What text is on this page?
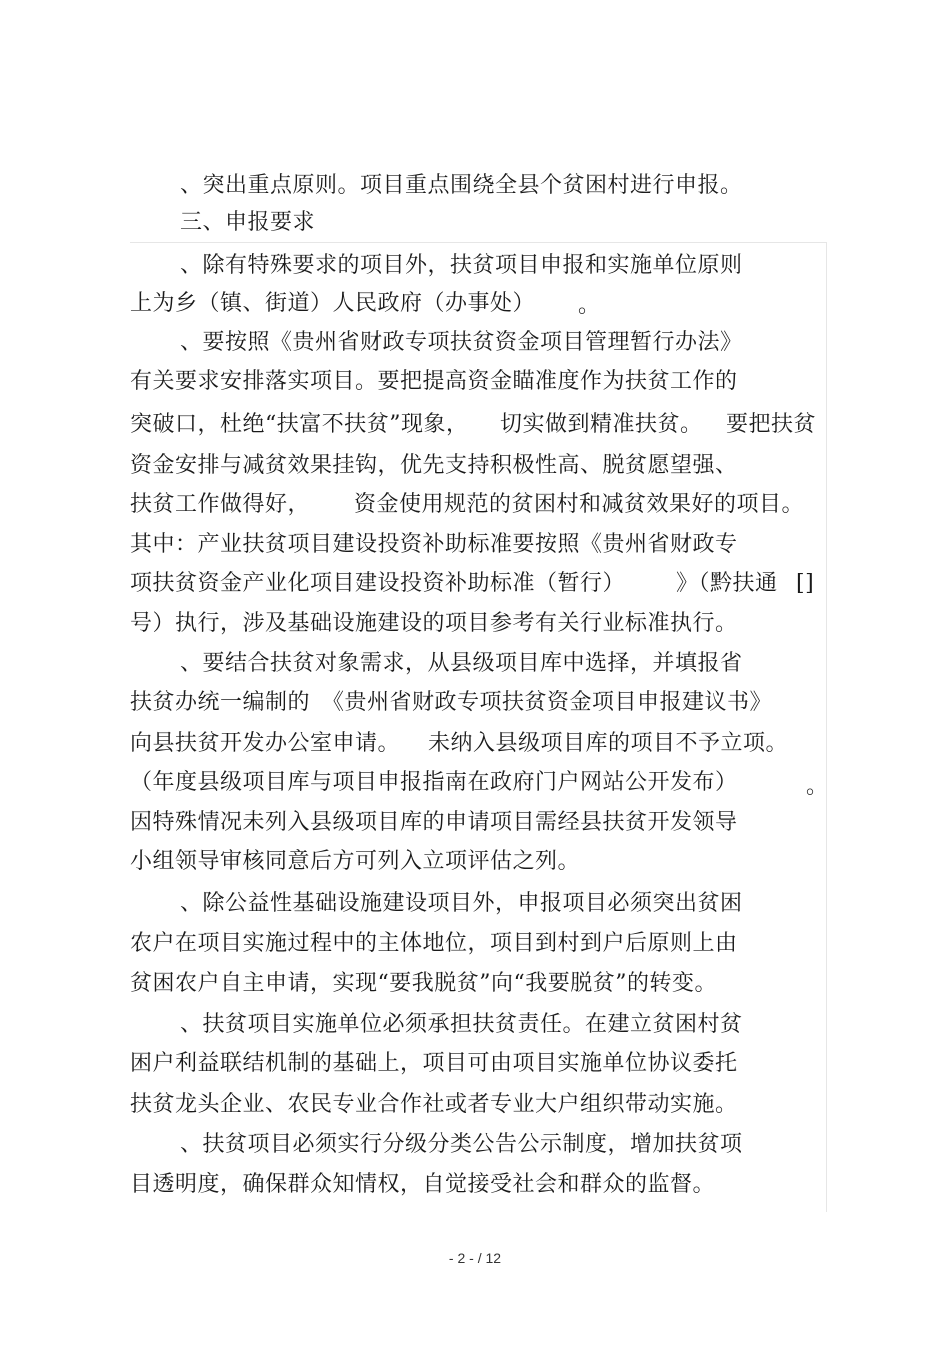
、突出重点原则。项目重点围绕全县个贫困村进行申报。
三、申报要求
、除有特殊要求的项目外，扶贫项目申报和实施单位原则
上为乡（镇、街道）人民政府（办事处） 。
、要按照《贵州省财政专项扶贫资金项目管理暂行办法》
有关要求安排落实项目。要把提高资金瞄准度作为扶贫工作的
突破口，杜绝“扶富不扶贫”现象， 切实做到精准扶贫。 要把扶贫
资金安排与减贫效果挂钩，优先支持积极性高、脱贫愿望强、
扶贫工作做得好， 资金使用规范的贫困村和减贫效果好的项目。
其中：产业扶贫项目建设投资补助标准要按照《贵州省财政专
项扶贫资金产业化项目建设投资补助标准（暂行） 》（黔扶通 []
号）执行，涉及基础设施建设的项目参考有关行业标准执行。
、要结合扶贫对象需求，从县级项目库中选择，并填报省
扶贫办统一编制的 《贵州省财政专项扶贫资金项目申报建议书》
向县扶贫开发办公室申请。 未纳入县级项目库的项目不予立项。
（年度县级项目库与项目申报指南在政府门户网站公开发布）	。
因特殊情况未列入县级项目库的申请项目需经县扶贫开发领导
小组领导审核同意后方可列入立项评估之列。
、除公益性基础设施建设项目外，申报项目必须突出贫困
农户在项目实施过程中的主体地位，项目到村到户后原则上由
贫困农户自主申请，实现“要我脱贫”向“我要脱贫”的转变。
、扶贫项目实施单位必须承担扶贫责任。在建立贫困村贫
困户利益联结机制的基础上，项目可由项目实施单位协议委托
扶贫龙头企业、农民专业合作社或者专业大户组织带动实施。
、扶贫项目必须实行分级分类公告公示制度，增加扶贫项
目透明度，确保群众知情权，自觉接受社会和群众的监督。
- 2 - / 12
